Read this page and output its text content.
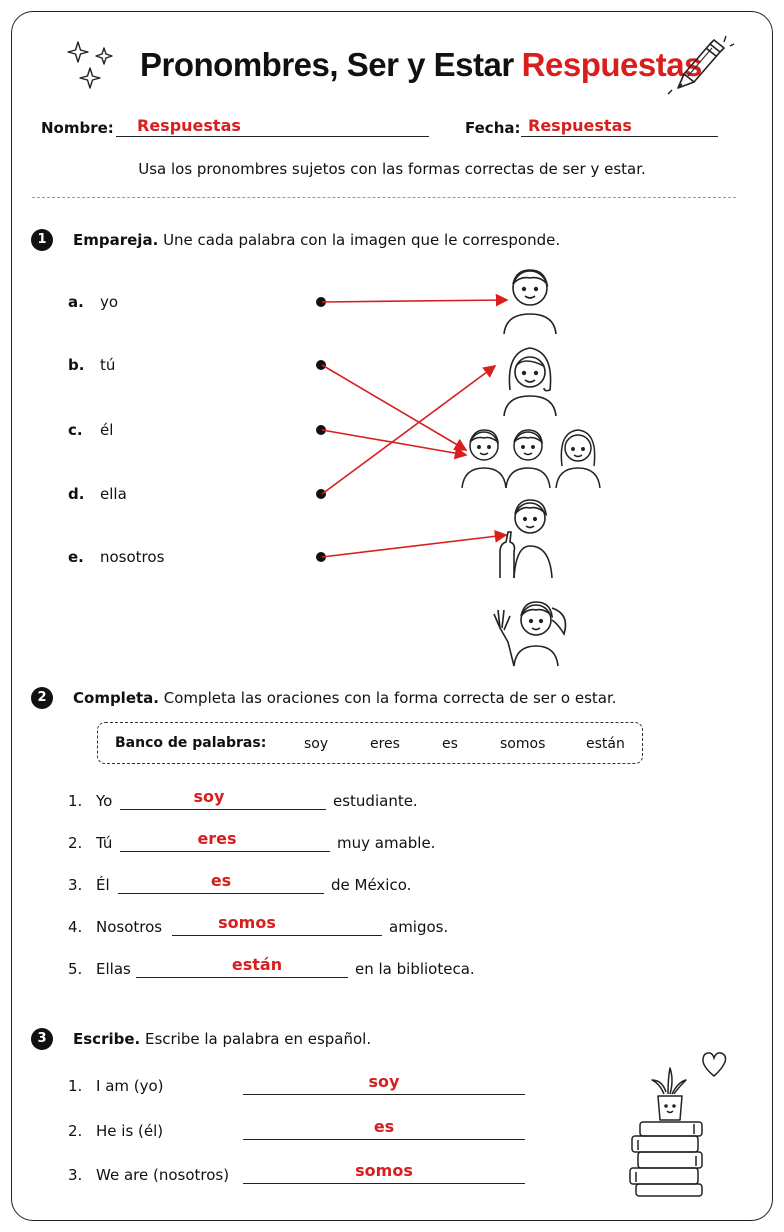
Pronombres, Ser y Estar Respuestas
Nombre: Respuestas	Fecha: Respuestas
Usa los pronombres sujetos con las formas correctas de ser y estar.
1	Empareja. Une cada palabra con la imagen que le corresponde.
a. yo
b. tú
c. él
d. ella
e. nosotros
2	Completa. Completa las oraciones con la forma correcta de ser o estar.
Banco de palabras:	soy	eres	es	somos	están
1. Yo	soy	estudiante.
2. Tú	eres	muy amable.
3. Él	es	de México.
4. Nosotros	somos	amigos.
5. Ellas	están	en la biblioteca.
3	Escribe. Escribe la palabra en español.
1. I am (yo)	soy
2. He is (él)	es
3. We are (nosotros)	somos
